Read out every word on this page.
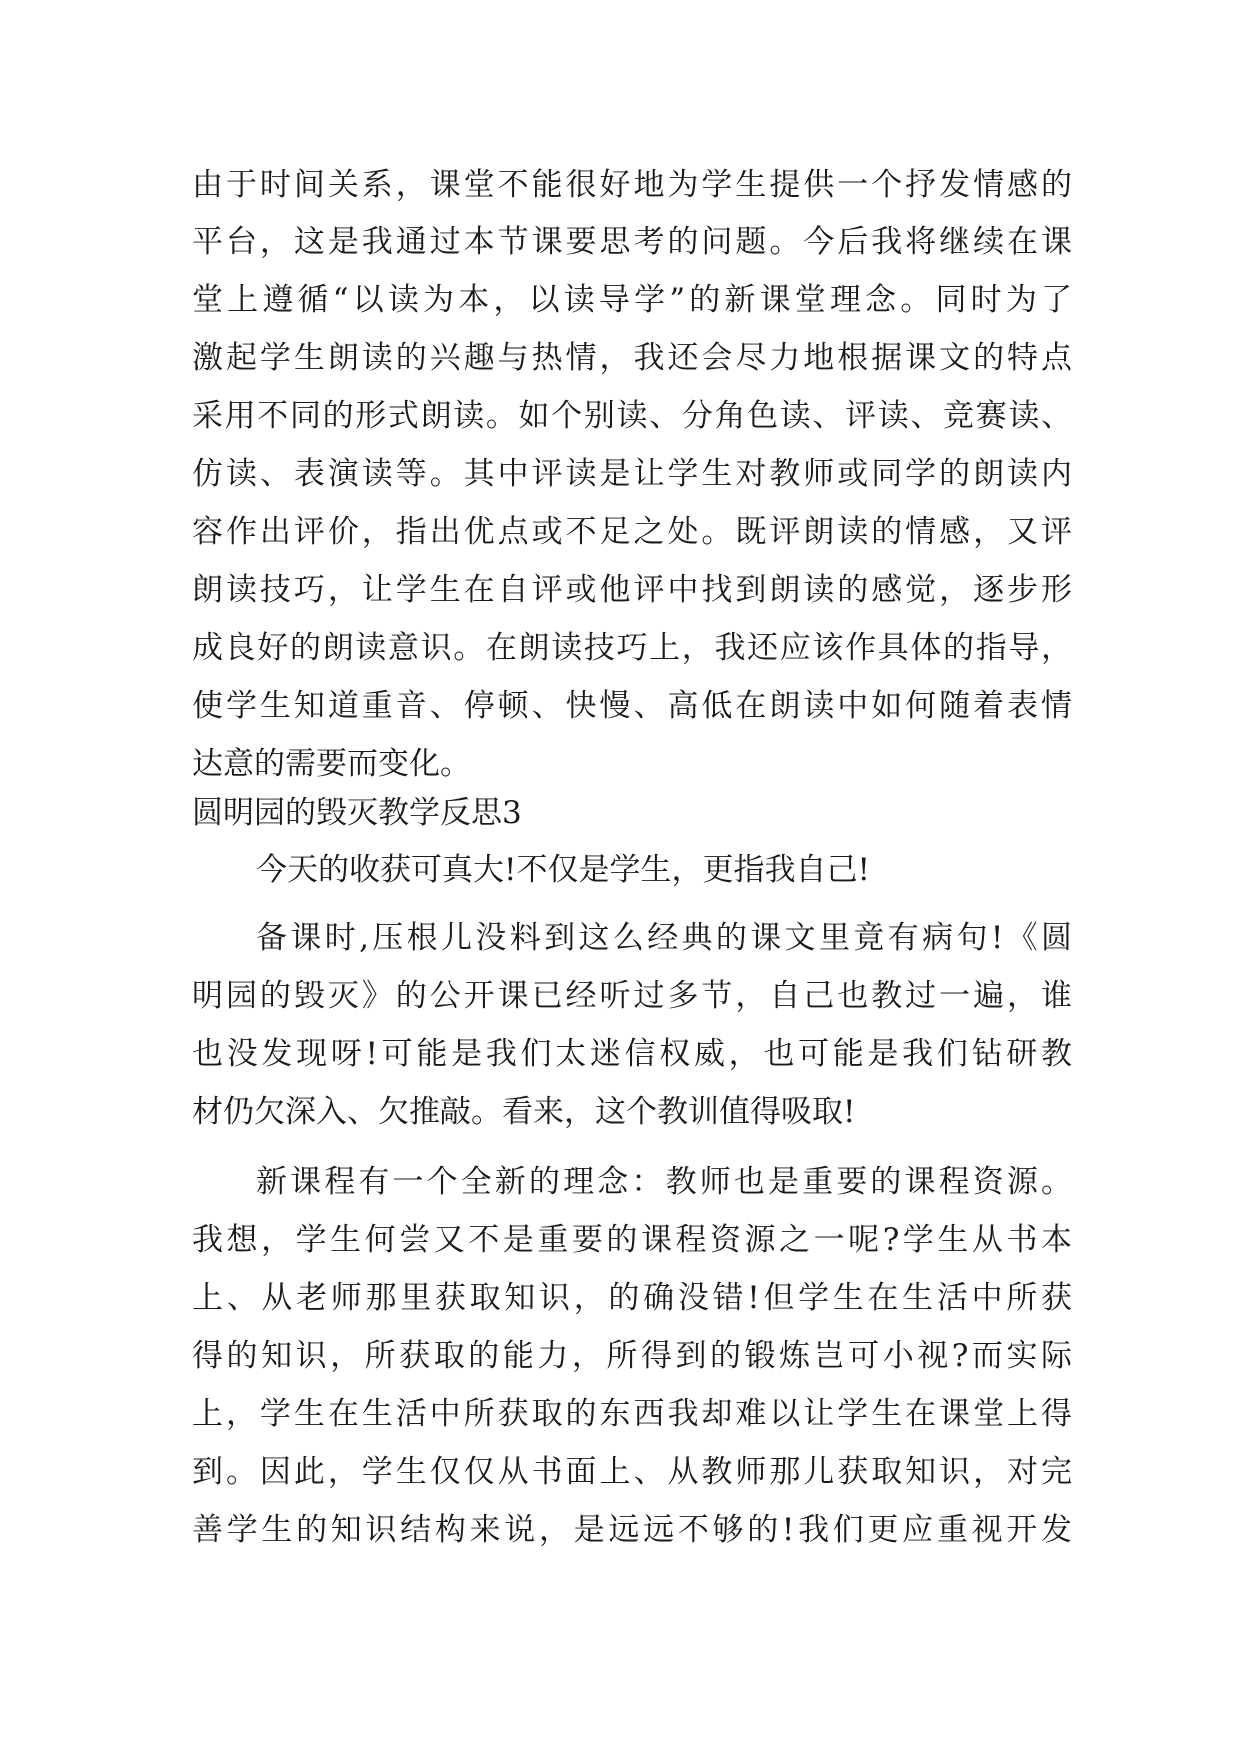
由于时间关系，课堂不能很好地为学生提供一个抒发情感的
平台，这是我通过本节课要思考的问题。今后我将继续在课
堂上遵循“以读为本，以读导学”的新课堂理念。同时为了
激起学生朗读的兴趣与热情，我还会尽力地根据课文的特点
采用不同的形式朗读。如个别读、分角色读、评读、竞赛读、
仿读、表演读等。其中评读是让学生对教师或同学的朗读内
容作出评价，指出优点或不足之处。既评朗读的情感，又评
朗读技巧，让学生在自评或他评中找到朗读的感觉，逐步形
成良好的朗读意识。在朗读技巧上，我还应该作具体的指导，
使学生知道重音、停顿、快慢、高低在朗读中如何随着表情
达意的需要而变化。
圆明园的毁灭教学反思3
今天的收获可真大!不仅是学生，更指我自己!
备课时,压根儿没料到这么经典的课文里竟有病句!《圆
明园的毁灭》的公开课已经听过多节，自己也教过一遍，谁
也没发现呀!可能是我们太迷信权威，也可能是我们钻研教
材仍欠深入、欠推敲。看来，这个教训值得吸取!
新课程有一个全新的理念：教师也是重要的课程资源。
我想，学生何尝又不是重要的课程资源之一呢?学生从书本
上、从老师那里获取知识，的确没错!但学生在生活中所获
得的知识，所获取的能力，所得到的锻炼岂可小视?而实际
上，学生在生活中所获取的东西我却难以让学生在课堂上得
到。因此，学生仅仅从书面上、从教师那儿获取知识，对完
善学生的知识结构来说，是远远不够的!我们更应重视开发
